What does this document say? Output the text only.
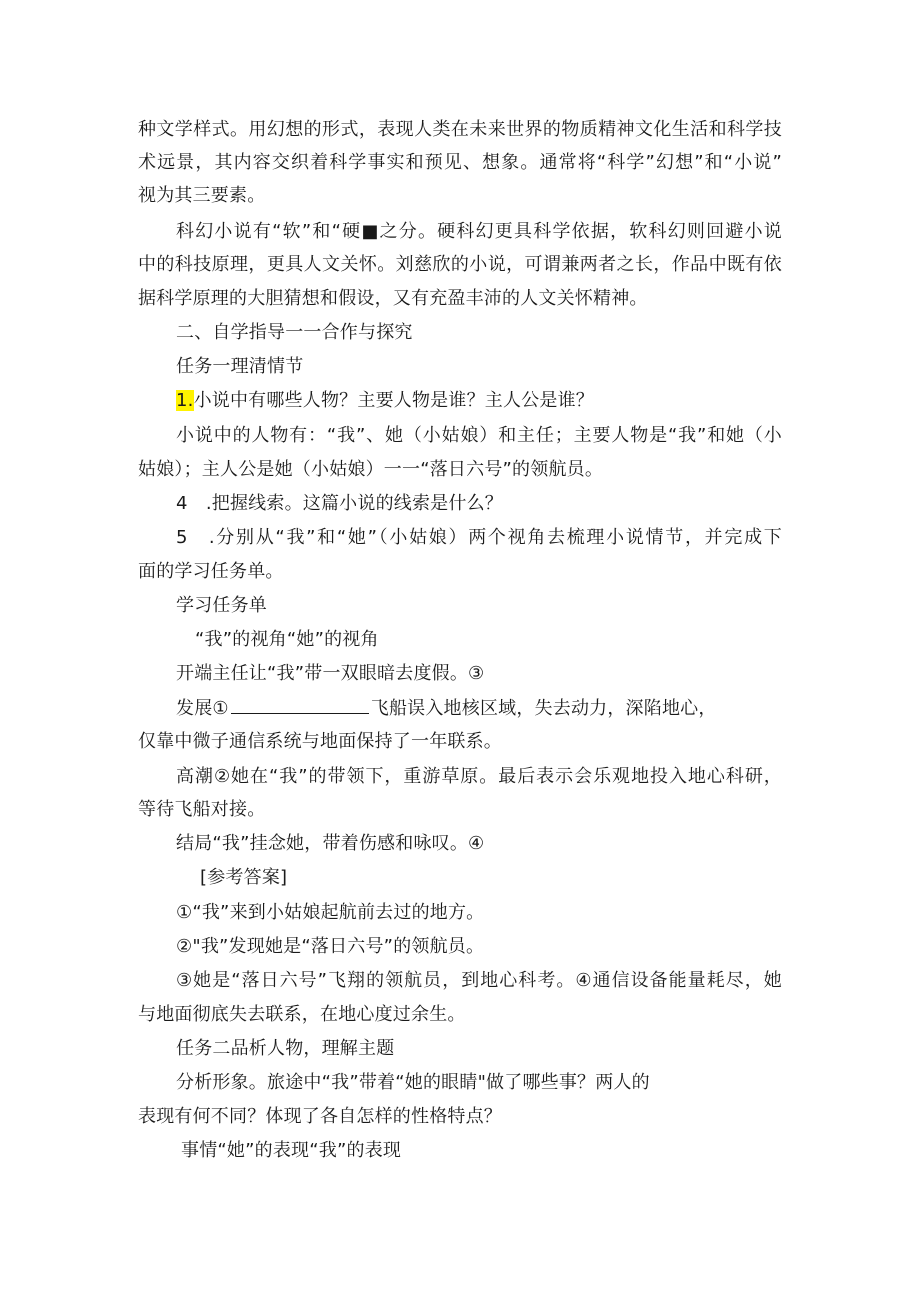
种文学样式。用幻想的形式，表现人类在未来世界的物质精神文化生活和科学技
术远景，其内容交织着科学事实和预见、想象。通常将“科学”幻想”和“小说”
视为其三要素。
科幻小说有“软”和“硬■之分。硬科幻更具科学依据，软科幻则回避小说
中的科技原理，更具人文关怀。刘慈欣的小说，可谓兼两者之长，作品中既有依
据科学原理的大胆猜想和假设，又有充盈丰沛的人文关怀精神。
二、自学指导一一合作与探究
任务一理清情节
1.小说中有哪些人物？主要人物是谁？主人公是谁？
小说中的人物有：“我”、她（小姑娘）和主任；主要人物是“我”和她（小
姑娘）；主人公是她（小姑娘）一一“落日六号”的领航员。
4　.把握线索。这篇小说的线索是什么？
5　.分别从“我”和“她”（小姑娘）两个视角去梳理小说情节，并完成下
面的学习任务单。
学习任务单
“我”的视角“她”的视角
开端主任让“我”带一双眼暗去度假。③
发展①	飞船误入地核区域，失去动力，深陷地心，
仅靠中微子通信系统与地面保持了一年联系。
高潮②她在“我”的带领下，重游草原。最后表示会乐观地投入地心科研，
等待飞船对接。
结局“我”挂念她，带着伤感和咏叹。④
[参考答案]
①“我”来到小姑娘起航前去过的地方。
②"我”发现她是“落日六号”的领航员。
③她是“落日六号”飞翔的领航员，到地心科考。④通信设备能量耗尽，她
与地面彻底失去联系，在地心度过余生。
任务二品析人物，理解主题
分析形象。旅途中“我”带着“她的眼睛"做了哪些事？两人的
表现有何不同？体现了各自怎样的性格特点？
事情“她”的表现“我”的表现
